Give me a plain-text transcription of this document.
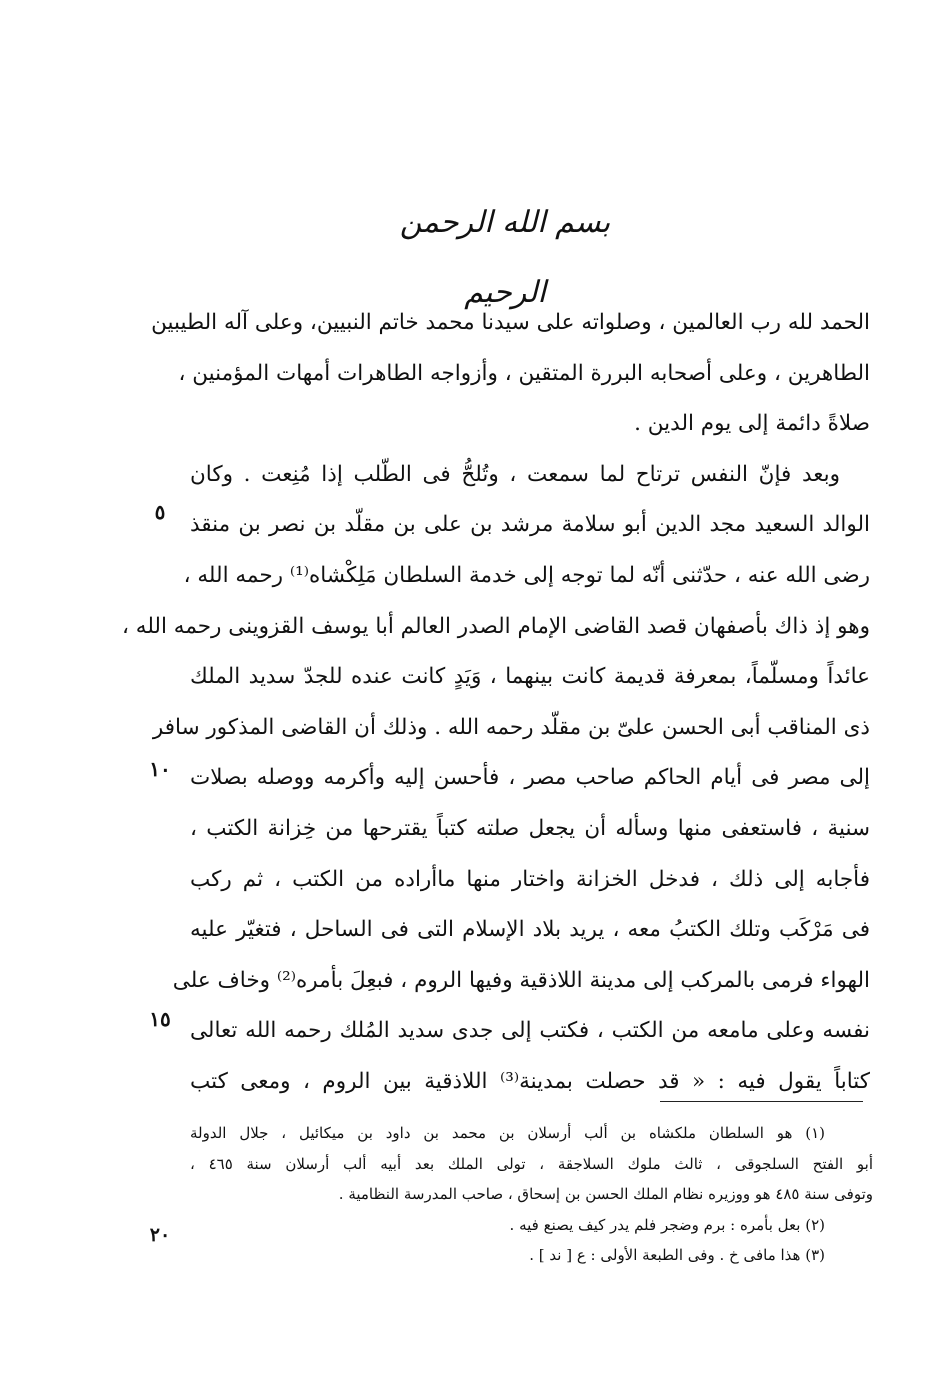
بسم الله الرحمن الرحيم
الحمد لله رب العالمين ، وصلواته على سيدنا محمد خاتم النبيين، وعلى آله الطيبين
الطاهرين ، وعلى أصحابه البررة المتقين ، وأزواجه الطاهرات أمهات المؤمنين ،
صلاةً دائمة إلى يوم الدين .
وبعد فإنّ النفس ترتاح لما سمعت ، وتُلحُّ فى الطّلب إذا مُنِعت . وكان
الوالد السعيد مجد الدين أبو سلامة مرشد بن على بن مقلّد بن نصر بن منقذ
رضى الله عنه ، حدّثنى أنّه لما توجه إلى خدمة السلطان مَلِكْشاه⁽¹⁾ رحمه الله ،
وهو إذ ذاك بأصفهان قصد القاضى الإمام الصدر العالم أبا يوسف القزوينى رحمه الله ،
عائداً ومسلّماً، بمعرفة قديمة كانت بينهما ، وَيَدٍ كانت عنده للجدّ سديد الملك
ذى المناقب أبى الحسن علىّ بن مقلّد رحمه الله . وذلك أن القاضى المذكور سافر
إلى مصر فى أيام الحاكم صاحب مصر ، فأحسن إليه وأكرمه ووصله بصلات
سنية ، فاستعفى منها وسأله أن يجعل صلته كتباً يقترحها من خِزانة الكتب ،
فأجابه إلى ذلك ، فدخل الخزانة واختار منها ماأراده من الكتب ، ثم ركب
فى مَرْكَب وتلك الكتبُ معه ، يريد بلاد الإسلام التى فى الساحل ، فتغيّر عليه
الهواء فرمى بالمركب إلى مدينة اللاذقية وفيها الروم ، فبعِلَ بأمره⁽²⁾ وخاف على
نفسه وعلى مامعه من الكتب ، فكتب إلى جدى سديد المُلك رحمه الله تعالى
كتاباً يقول فيه : « قد حصلت بمدينة⁽³⁾ اللاذقية بين الروم ، ومعى كتب
٥
١٠
١٥
(١) هو السلطان ملكشاه بن ألب أرسلان بن محمد بن داود بن ميكائيل ، جلال الدولة
أبو الفتح السلجوقى ، ثالث ملوك السلاجقة ، تولى الملك بعد أبيه ألب أرسلان سنة ٤٦٥ ،
وتوفى سنة ٤٨٥ هو ووزيره نظام الملك الحسن بن إسحاق ، صاحب المدرسة النظامية .
(٢) بعل بأمره : برم وضجر فلم يدر كيف يصنع فيه .
(٣) هذا مافى خ . وفى الطبعة الأولى : ع [ ند ] .
٢٠
